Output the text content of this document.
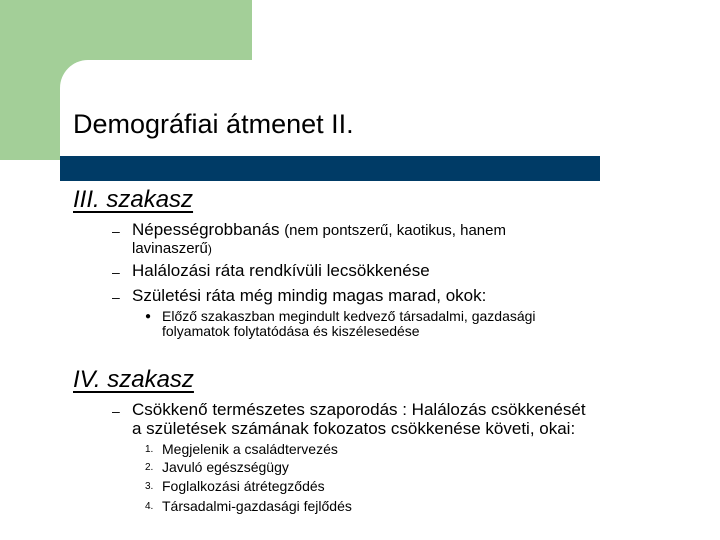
Demográfiai átmenet II.
III. szakasz
– Népességrobbanás (nem pontszerű, kaotikus, hanem
lavinaszerű)
– Halálozási ráta rendkívüli lecsökkenése
– Születési ráta még mindig magas marad, okok:
● Előző szakaszban megindult kedvező társadalmi, gazdasági
folyamatok folytatódása és kiszélesedése
IV. szakasz
– Csökkenő természetes szaporodás : Halálozás csökkenését
a születések számának fokozatos csökkenése követi, okai:
1. Megjelenik a családtervezés
2. Javuló egészségügy
3. Foglalkozási átrétegződés
4. Társadalmi-gazdasági fejlődés
